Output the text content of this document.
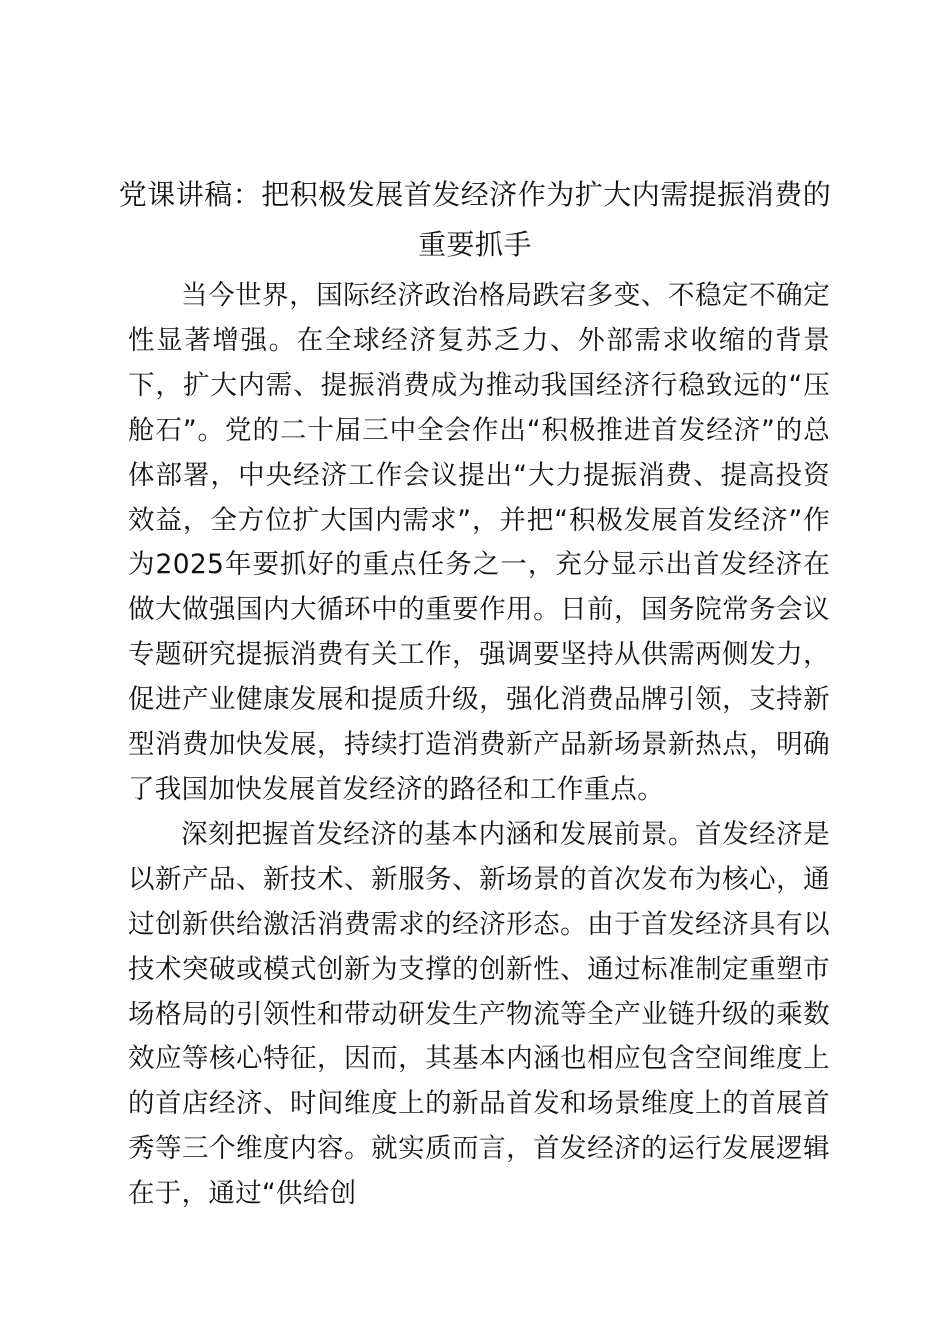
党课讲稿：把积极发展首发经济作为扩大内需提振消费的重要抓手

当今世界，国际经济政治格局跌宕多变、不稳定不确定性显著增强。在全球经济复苏乏力、外部需求收缩的背景下，扩大内需、提振消费成为推动我国经济行稳致远的“压舱石”。党的二十届三中全会作出“积极推进首发经济”的总体部署，中央经济工作会议提出“大力提振消费、提高投资效益，全方位扩大国内需求”，并把“积极发展首发经济”作为2025年要抓好的重点任务之一，充分显示出首发经济在做大做强国内大循环中的重要作用。日前，国务院常务会议专题研究提振消费有关工作，强调要坚持从供需两侧发力，促进产业健康发展和提质升级，强化消费品牌引领，支持新型消费加快发展，持续打造消费新产品新场景新热点，明确了我国加快发展首发经济的路径和工作重点。

深刻把握首发经济的基本内涵和发展前景。首发经济是以新产品、新技术、新服务、新场景的首次发布为核心，通过创新供给激活消费需求的经济形态。由于首发经济具有以技术突破或模式创新为支撑的创新性、通过标准制定重塑市场格局的引领性和带动研发生产物流等全产业链升级的乘数效应等核心特征，因而，其基本内涵也相应包含空间维度上的首店经济、时间维度上的新品首发和场景维度上的首展首秀等三个维度内容。就实质而言，首发经济的运行发展逻辑在于，通过“供给创
